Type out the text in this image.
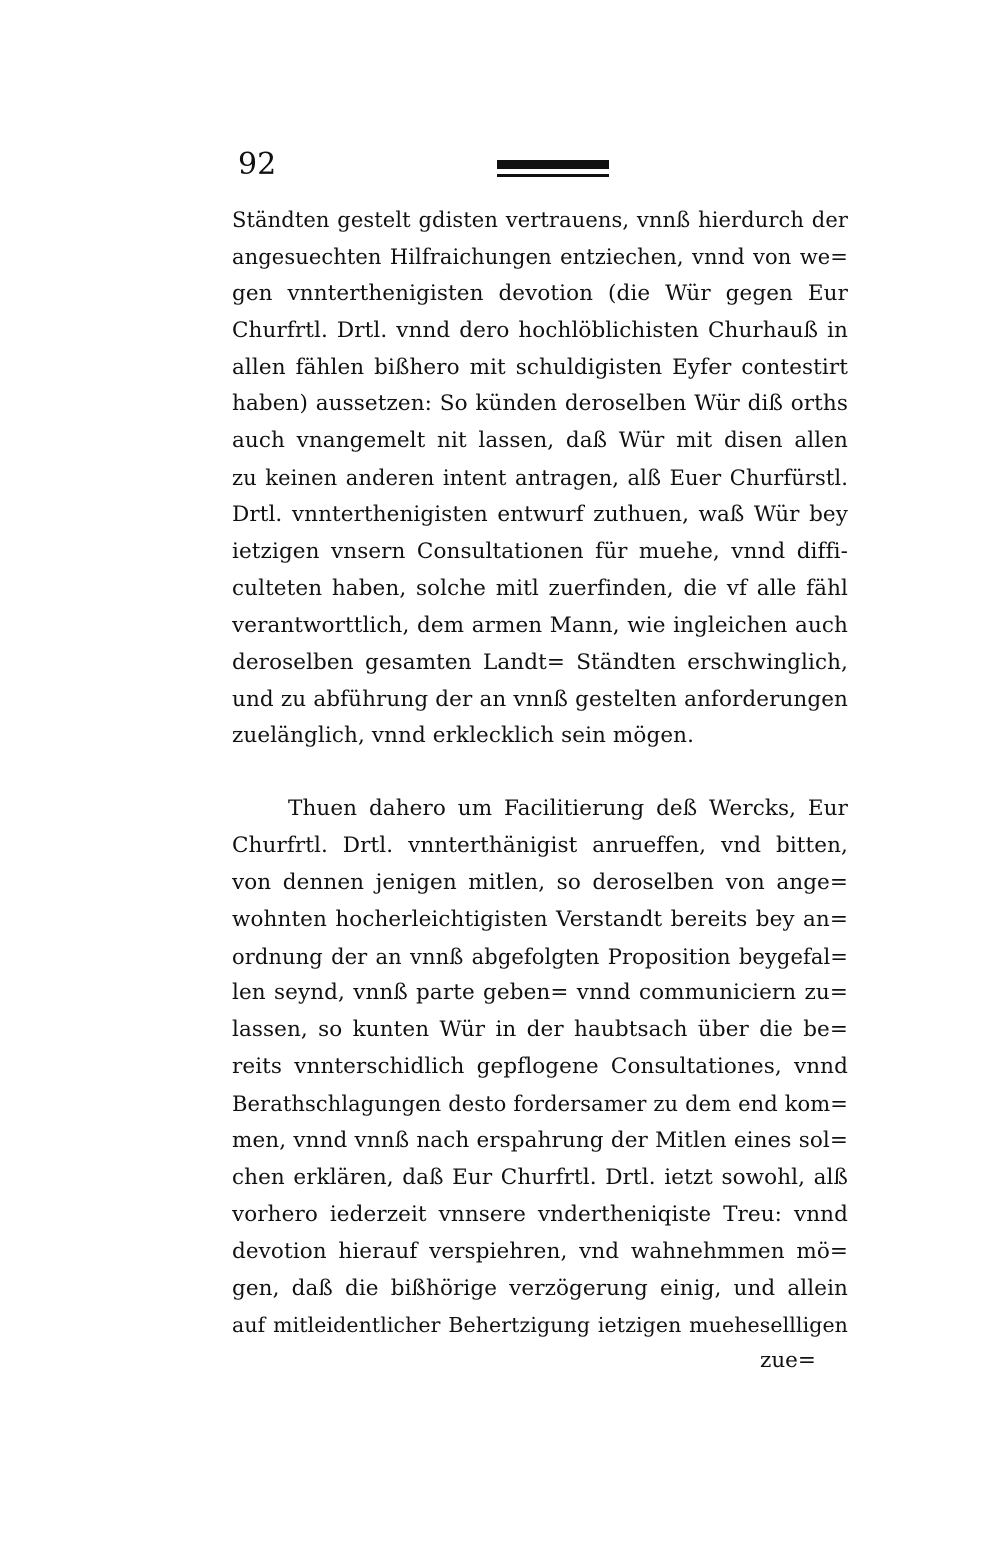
92
Ständten gestelt gdisten vertrauens, vnnß hierdurch der
angesuechten Hilfraichungen entziechen, vnnd von we=
gen vnnterthenigisten devotion (die Wür gegen Eur
Churfrtl. Drtl. vnnd dero hochlöblichisten Churhauß in
allen fählen bißhero mit schuldigisten Eyfer contestirt
haben) aussetzen: So künden deroselben Wür diß orths
auch vnangemelt nit lassen, daß Wür mit disen allen
zu keinen anderen intent antragen, alß Euer Churfürstl.
Drtl. vnnterthenigisten entwurf zuthuen, waß Wür bey
ietzigen vnsern Consultationen für muehe, vnnd diffi-
culteten haben, solche mitl zuerfinden, die vf alle fähl
verantworttlich, dem armen Mann, wie ingleichen auch
deroselben gesamten Landt= Ständten erschwinglich,
und zu abführung der an vnnß gestelten anforderungen
zuelänglich, vnnd erklecklich sein mögen.
Thuen dahero um Facilitierung deß Wercks, Eur
Churfrtl. Drtl. vnnterthänigist anrueffen, vnd bitten,
von dennen jenigen mitlen, so deroselben von ange=
wohnten hocherleichtigisten Verstandt bereits bey an=
ordnung der an vnnß abgefolgten Proposition beygefal=
len seynd, vnnß parte geben= vnnd communiciern zu=
lassen, so kunten Wür in der haubtsach über die be=
reits vnnterschidlich gepflogene Consultationes, vnnd
Berathschlagungen desto fordersamer zu dem end kom=
men, vnnd vnnß nach erspahrung der Mitlen eines sol=
chen erklären, daß Eur Churfrtl. Drtl. ietzt sowohl, alß
vorhero iederzeit vnnsere vndertheniqiste Treu: vnnd
devotion hierauf verspiehren, vnd wahnehmmen mö=
gen, daß die bißhörige verzögerung einig, und allein
auf mitleidentlicher Behertzigung ietzigen muehesellligen
zue=
